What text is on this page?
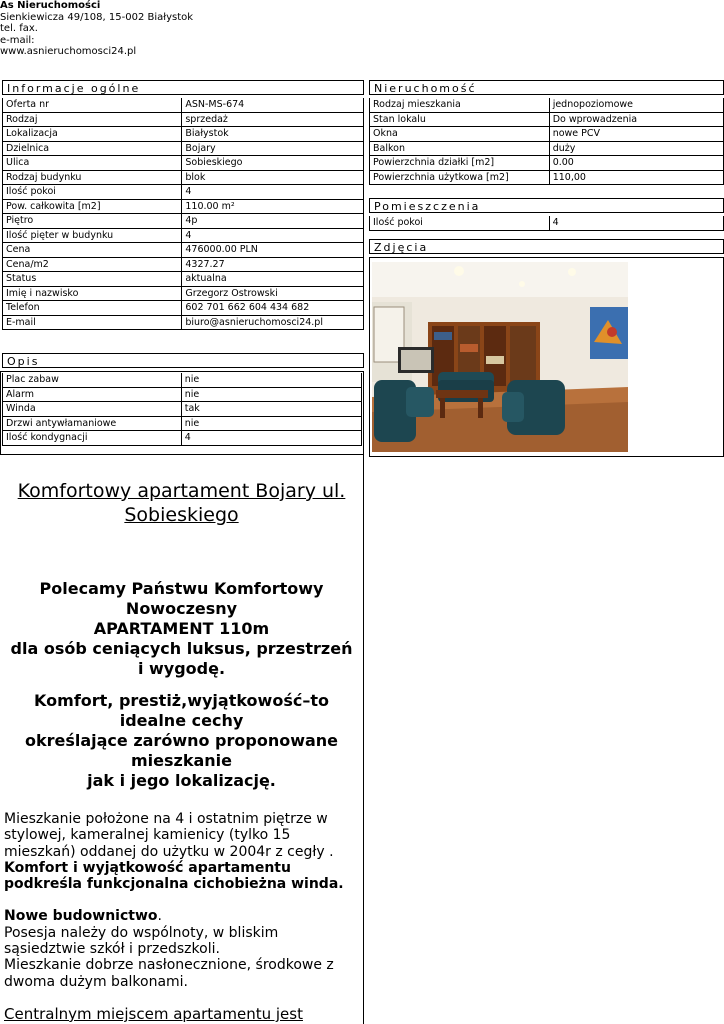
As Nieruchomości
Sienkiewicza 49/108, 15-002 Białystok
tel. fax.
e-mail:
www.asnieruchomosci24.pl
Informacje ogólne
Oferta nr	ASN-MS-674
Rodzaj	sprzedaż
Lokalizacja	Białystok
Dzielnica	Bojary
Ulica	Sobieskiego
Rodzaj budynku	blok
Ilość pokoi	4
Pow. całkowita [m2]	110.00 m²
Piętro	4p
Ilość pięter w budynku	4
Cena	476000.00 PLN
Cena/m2	4327.27
Status	aktualna
Imię i nazwisko	Grzegorz Ostrowski
Telefon	602 701 662 604 434 682
E-mail	biuro@asnieruchomosci24.pl
Opis
Plac zabaw	nie
Alarm	nie
Winda	tak
Drzwi antywłamaniowe	nie
Ilość kondygnacji	4
Nieruchomość
Rodzaj mieszkania	jednopoziomowe
Stan lokalu	Do wprowadzenia
Okna	nowe PCV
Balkon	duży
Powierzchnia działki [m2]	0.00
Powierzchnia użytkowa [m2]	110,00
Pomieszczenia
Ilość pokoi	4
Zdjęcia
Komfortowy apartament Bojary ul. Sobieskiego

Polecamy Państwu Komfortowy

Nowoczesny

APARTAMENT 110m

dla osób ceniących luksus, przestrzeń

i wygodę.

Komfort, prestiż,wyjątkowość–to

idealne cechy

określające zarówno proponowane

mieszkanie

jak i jego lokalizację.

Mieszkanie położone na 4 i ostatnim piętrze w stylowej, kameralnej kamienicy (tylko 15 mieszkań) oddanej do użytku w 2004r z cegły . Komfort i wyjątkowość apartamentu podkreśla funkcjonalna cichobieżna winda.

Nowe budownictwo.
Posesja należy do wspólnoty, w bliskim sąsiedztwie szkół i przedszkoli.
Mieszkanie dobrze nasłonecznione, środkowe z dwoma dużym balkonami.

Centralnym miejscem apartamentu jest
